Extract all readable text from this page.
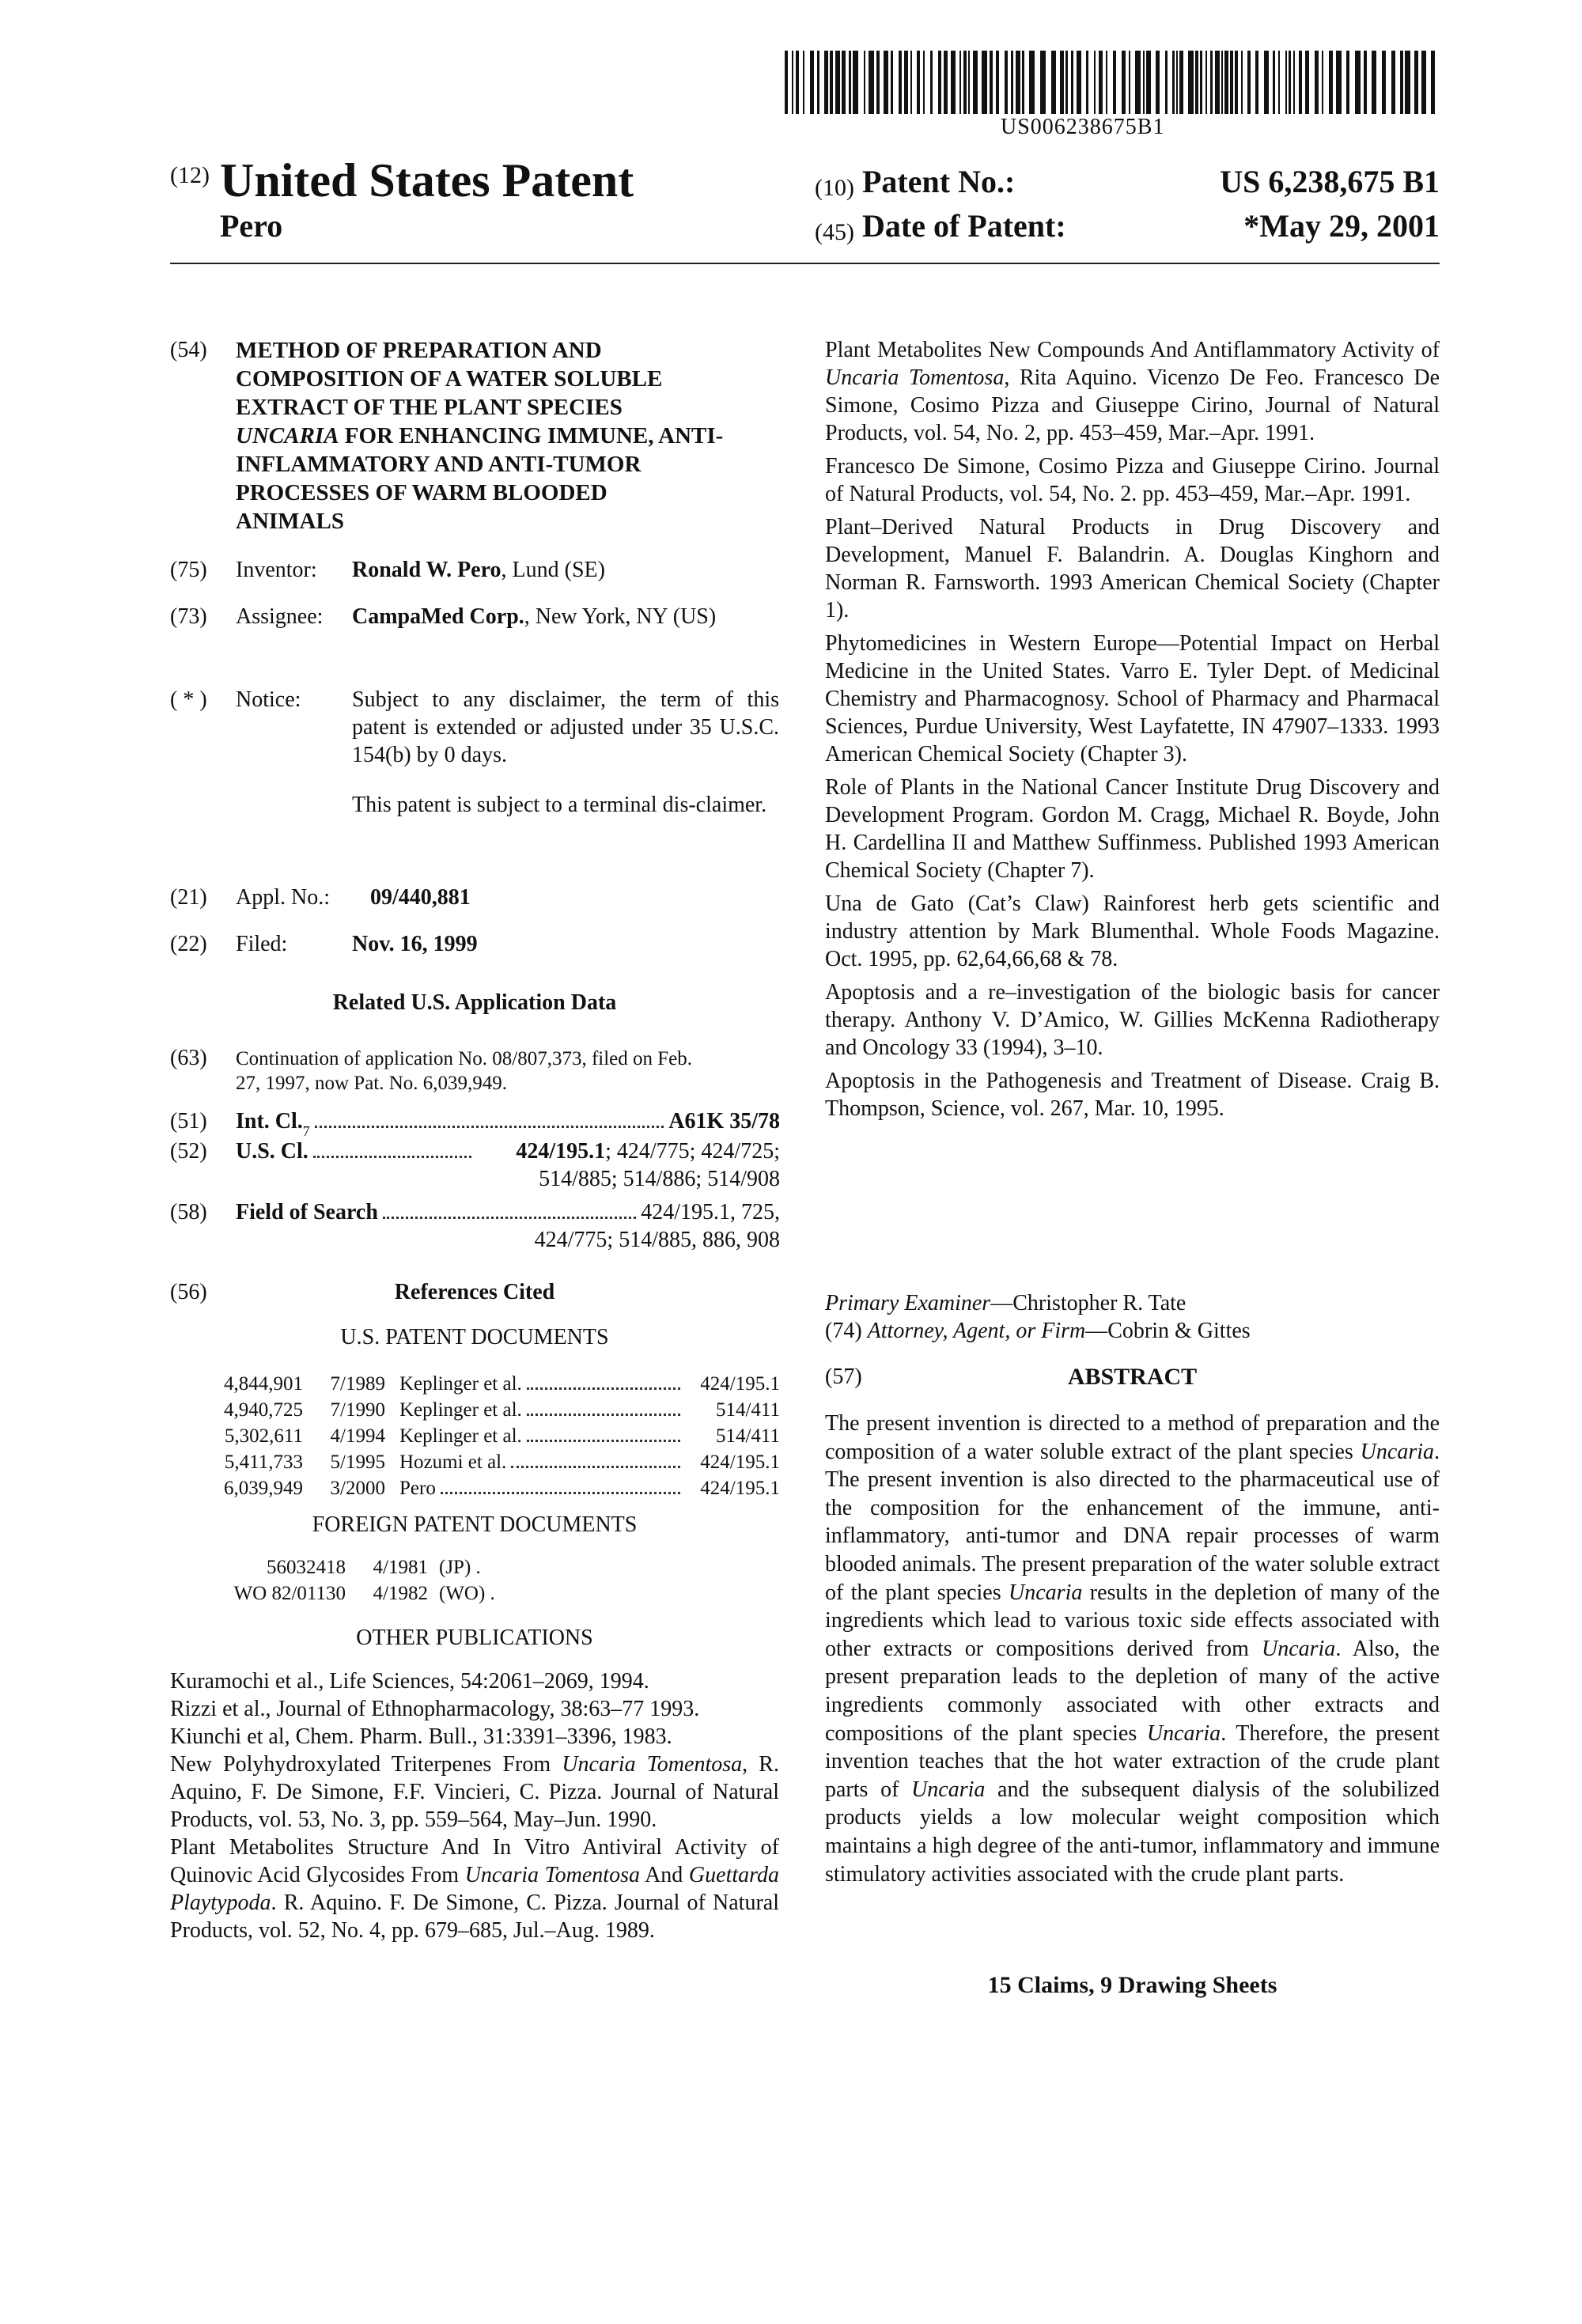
US006238675B1
(12) United States Patent
Pero
(10) Patent No.:	US 6,238,675 B1
(45) Date of Patent:	*May 29, 2001
(54) METHOD OF PREPARATION AND
COMPOSITION OF A WATER SOLUBLE
EXTRACT OF THE PLANT SPECIES
UNCARIA FOR ENHANCING IMMUNE, ANTI-
INFLAMMATORY AND ANTI-TUMOR
PROCESSES OF WARM BLOODED
ANIMALS
(75) Inventor: Ronald W. Pero, Lund (SE)
(73) Assignee: CampaMed Corp., New York, NY (US)
( * ) Notice: Subject to any disclaimer, the term of this patent is extended or adjusted under 35 U.S.C. 154(b) by 0 days.
This patent is subject to a terminal dis-claimer.
(21) Appl. No.: 09/440,881
(22) Filed:	Nov. 16, 1999
Related U.S. Application Data
(63) Continuation of application No. 08/807,373, filed on Feb.
27, 1997, now Pat. No. 6,039,949.
(51) Int. $Cl._7$	A61K 35/78
(52) U.S. Cl.	424/195.1; 424/775; 424/725;
514/885; 514/886; 514/908
(58) Field of Search	424/195.1, 725,
424/775; 514/885, 886, 908
(56)	References Cited
U.S. PATENT DOCUMENTS
4,844,901	7/1989 Keplinger et al.	424/195.1
4,940,725	7/1990 Keplinger et al.	514/411
5,302,611	4/1994 Keplinger et al.	514/411
5,411,733	5/1995 Hozumi et al.	424/195.1
6,039,949	3/2000 Pero	424/195.1
FOREIGN PATENT DOCUMENTS
56032418	4/1981 (JP) .
WO 82/01130	4/1982 (WO) .
OTHER PUBLICATIONS

Kuramochi et al., Life Sciences, 54:2061–2069, 1994.

Rizzi et al., Journal of Ethnopharmacology, 38:63–77 1993.

Kiunchi et al, Chem. Pharm. Bull., 31:3391–3396, 1983.

New Polyhydroxylated Triterpenes From Uncaria Tomentosa, R. Aquino, F. De Simone, F.F. Vincieri, C. Pizza. Journal of Natural Products, vol. 53, No. 3, pp. 559–564, May–Jun. 1990.

Plant Metabolites Structure And In Vitro Antiviral Activity of Quinovic Acid Glycosides From Uncaria Tomentosa And Guettarda Playtypoda. R. Aquino. F. De Simone, C. Pizza. Journal of Natural Products, vol. 52, No. 4, pp. 679–685, Jul.–Aug. 1989.

Plant Metabolites New Compounds And Antiflammatory Activity of Uncaria Tomentosa, Rita Aquino. Vicenzo De Feo. Francesco De Simone, Cosimo Pizza and Giuseppe Cirino, Journal of Natural Products, vol. 54, No. 2, pp. 453–459, Mar.–Apr. 1991.

Francesco De Simone, Cosimo Pizza and Giuseppe Cirino. Journal of Natural Products, vol. 54, No. 2. pp. 453–459, Mar.–Apr. 1991.

Plant–Derived Natural Products in Drug Discovery and Development, Manuel F. Balandrin. A. Douglas Kinghorn and Norman R. Farnsworth. 1993 American Chemical Society (Chapter 1).

Phytomedicines in Western Europe—Potential Impact on Herbal Medicine in the United States. Varro E. Tyler Dept. of Medicinal Chemistry and Pharmacognosy. School of Pharmacy and Pharmacal Sciences, Purdue University, West Layfatette, IN 47907–1333. 1993 American Chemical Society (Chapter 3).

Role of Plants in the National Cancer Institute Drug Discovery and Development Program. Gordon M. Cragg, Michael R. Boyde, John H. Cardellina II and Matthew Suffinmess. Published 1993 American Chemical Society (Chapter 7).

Una de Gato (Cat’s Claw) Rainforest herb gets scientific and industry attention by Mark Blumenthal. Whole Foods Magazine. Oct. 1995, pp. 62,64,66,68 & 78.

Apoptosis and a re–investigation of the biologic basis for cancer therapy. Anthony V. D’Amico, W. Gillies McKenna Radiotherapy and Oncology 33 (1994), 3–10.

Apoptosis in the Pathogenesis and Treatment of Disease. Craig B. Thompson, Science, vol. 267, Mar. 10, 1995.

Primary Examiner—Christopher R. Tate
(74) Attorney, Agent, or Firm—Cobrin & Gittes
ABSTRACT
(57)
The present invention is directed to a method of preparation and the composition of a water soluble extract of the plant species Uncaria. The present invention is also directed to the pharmaceutical use of the composition for the enhancement of the immune, anti-inflammatory, anti-tumor and DNA repair processes of warm blooded animals. The present preparation of the water soluble extract of the plant species Uncaria results in the depletion of many of the ingredients which lead to various toxic side effects associated with other extracts or compositions derived from Uncaria. Also, the present preparation leads to the depletion of many of the active ingredients commonly associated with other extracts and compositions of the plant species Uncaria. Therefore, the present invention teaches that the hot water extraction of the crude plant parts of Uncaria and the subsequent dialysis of the solubilized products yields a low molecular weight composition which maintains a high degree of the anti-tumor, inflammatory and immune stimulatory activities associated with the crude plant parts.
15 Claims, 9 Drawing Sheets
